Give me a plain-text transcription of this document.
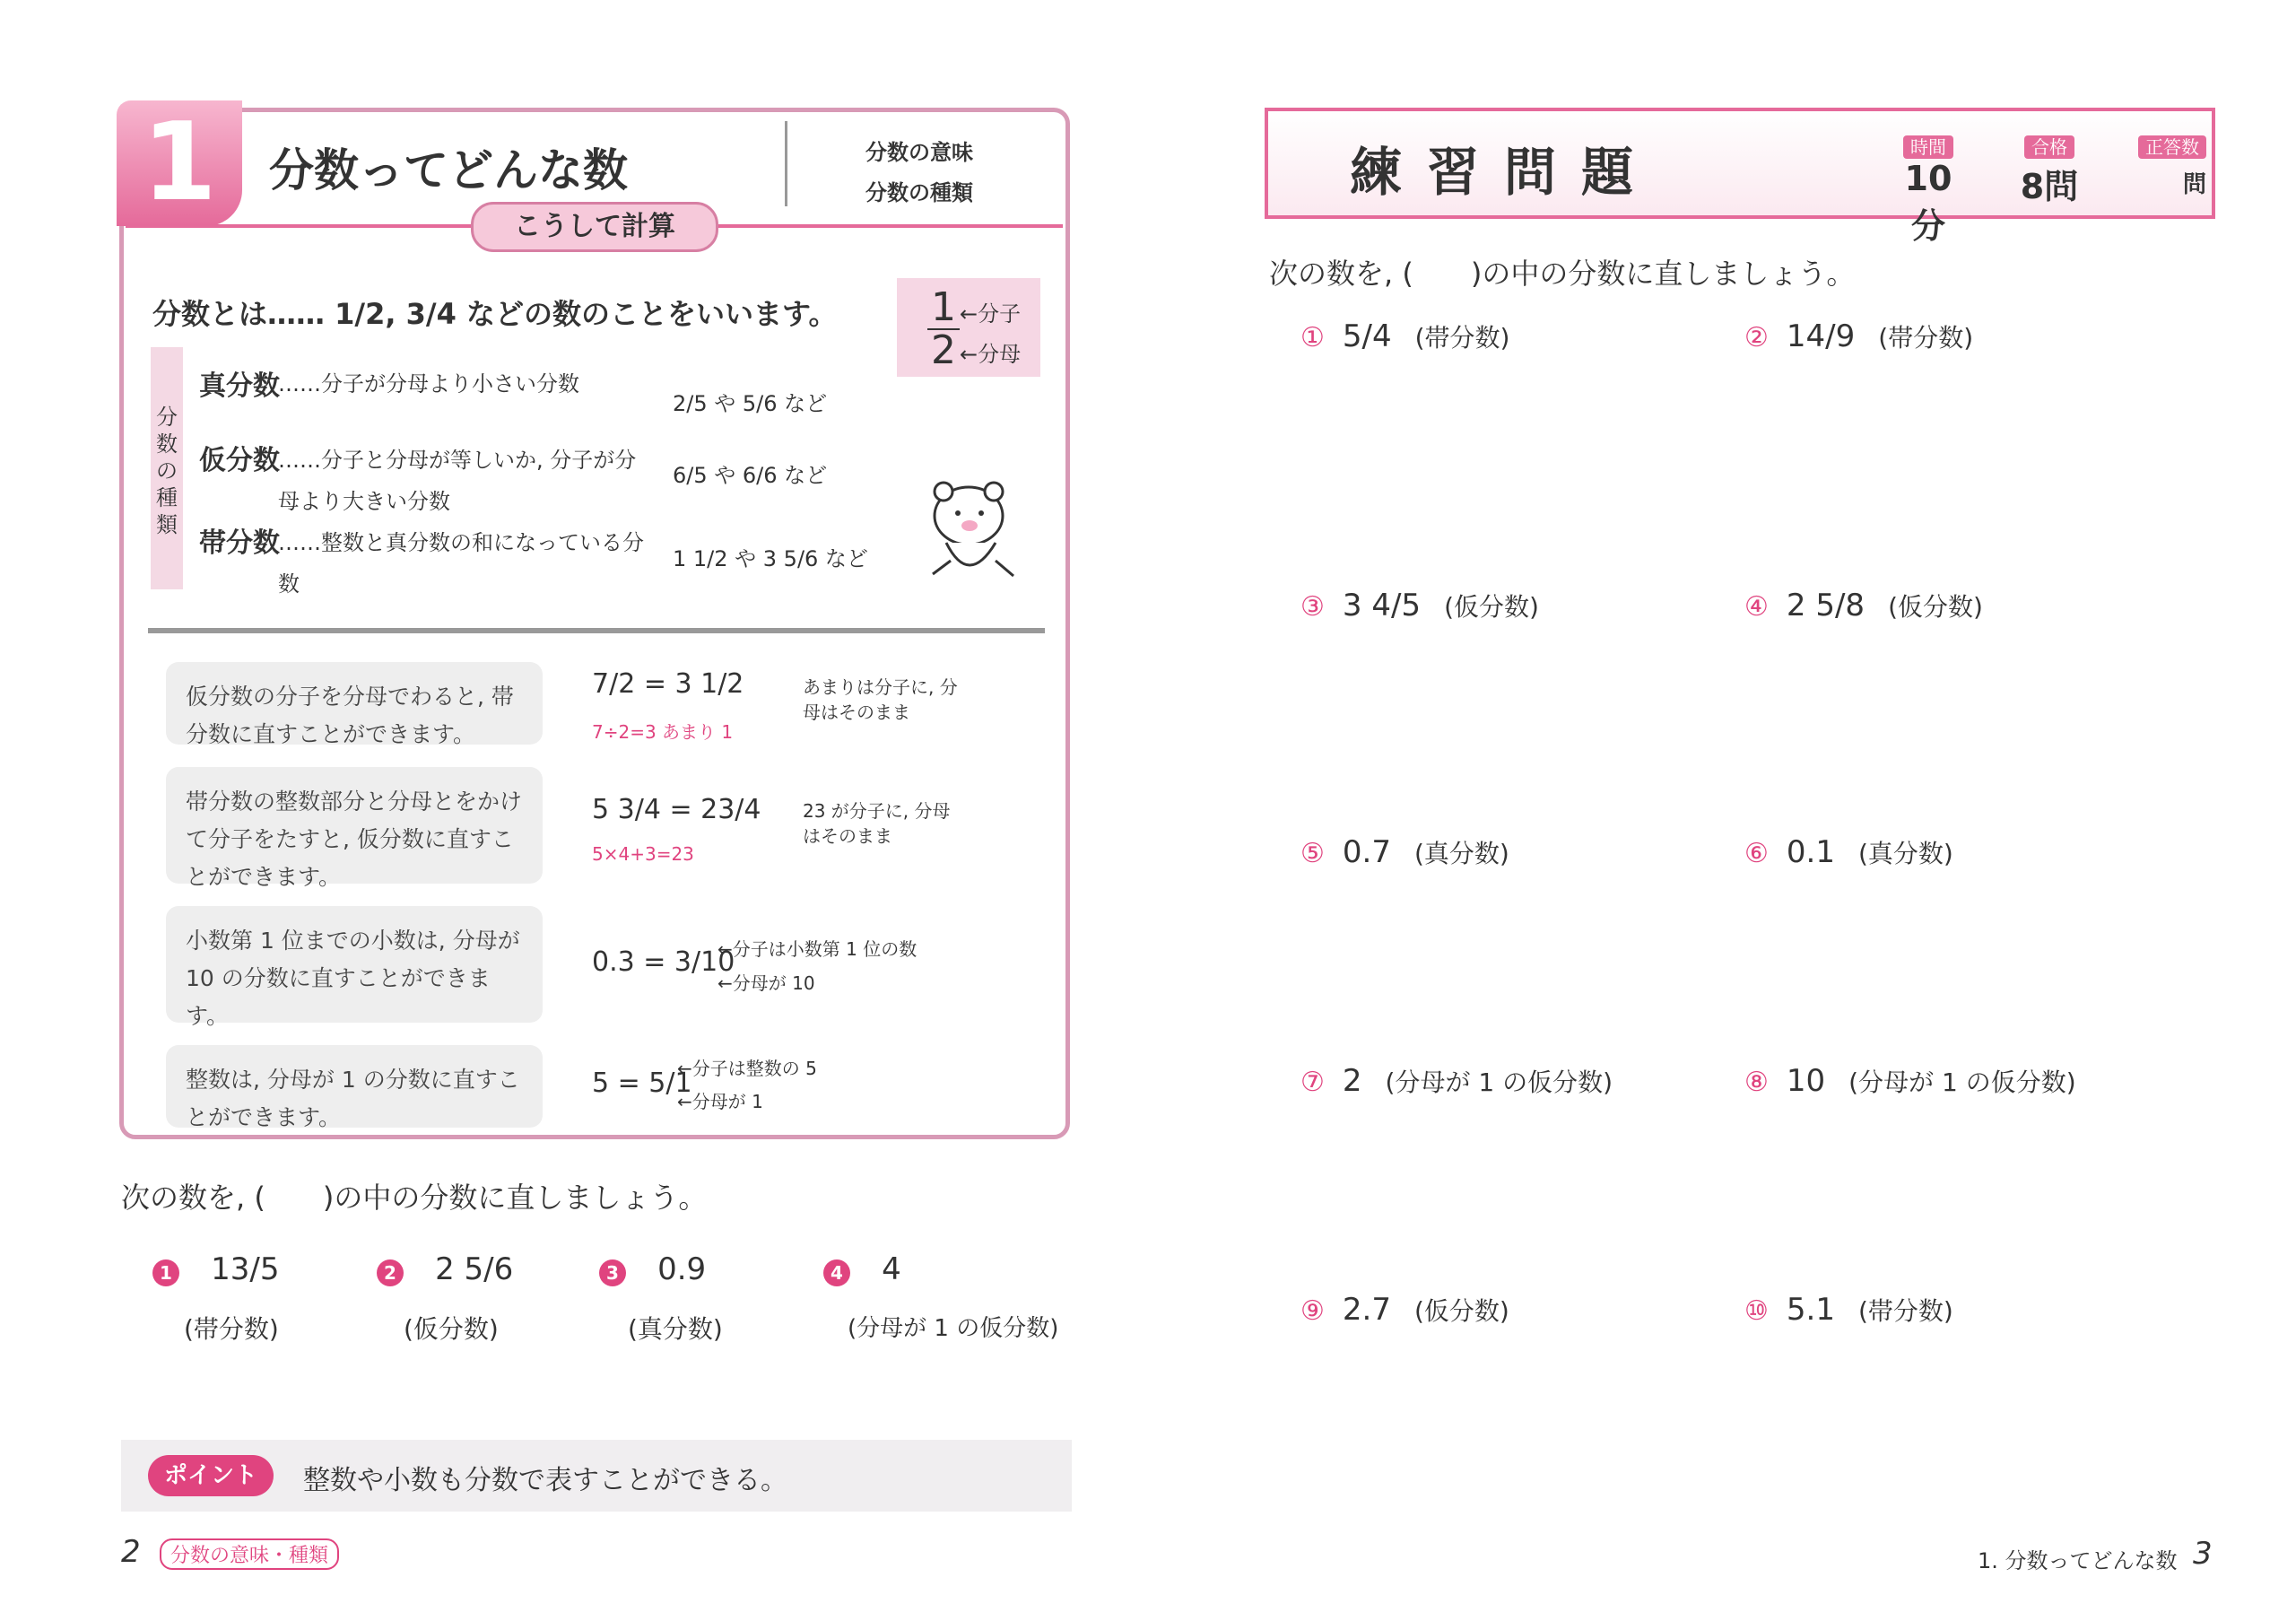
1	分数ってどんな数	分数の意味
分数の種類
こうして計算
分数とは…… 1/2, 3/4 などの数のことをいいます。 $\frac{1}{2}$ ←分子
←分母
分数の種類
真分数
……分子が分母より小さい分数
2/5 や 5/6 など
仮分数
……分子と分母が等しいか, 分子が分母より大きい分数
6/5 や 6/6 など
帯分数
……整数と真分数の和になっている分数
1 1/2 や 3 5/6 など
仮分数の分子を分母でわると, 帯分数に直すことができます。
7/2 = 3 1/2
7÷2=3 あまり 1
あまりは分子に, 分母はそのまま
帯分数の整数部分と分母とをかけて分子をたすと, 仮分数に直すことができます。
5 3/4 = 23/4
5×4+3=23
23 が分子に, 分母はそのまま
小数第 1 位までの小数は, 分母が 10 の分数に直すことができます。
0.3 = 3/10
←分子は小数第 1 位の数
←分母が 10
整数は, 分母が 1 の分数に直すことができます。
5 = 5/1
←分子は整数の 5
←分母が 1
次の数を, (　　)の中の分数に直しましょう。
1 13/5
(帯分数)
2 2 5/6
(仮分数)
3 0.9
(真分数)
4 4
(分母が 1 の仮分数)
ポイント	整数や小数も分数で表すことができる。
2	分数の意味・種類
練習問題	時間
10分
合格
8問
正答数
問
次の数を, (　　)の中の分数に直しましょう。
① 5/4 (帯分数)	② 14/9 (帯分数)
③ 3 4/5 (仮分数)	④ 2 5/8 (仮分数)
⑤ 0.7 (真分数)	⑥ 0.1 (真分数)
⑦ 2 (分母が 1 の仮分数)	⑧ 10 (分母が 1 の仮分数)
⑨ 2.7 (仮分数)	⑩ 5.1 (帯分数)
1. 分数ってどんな数 3
